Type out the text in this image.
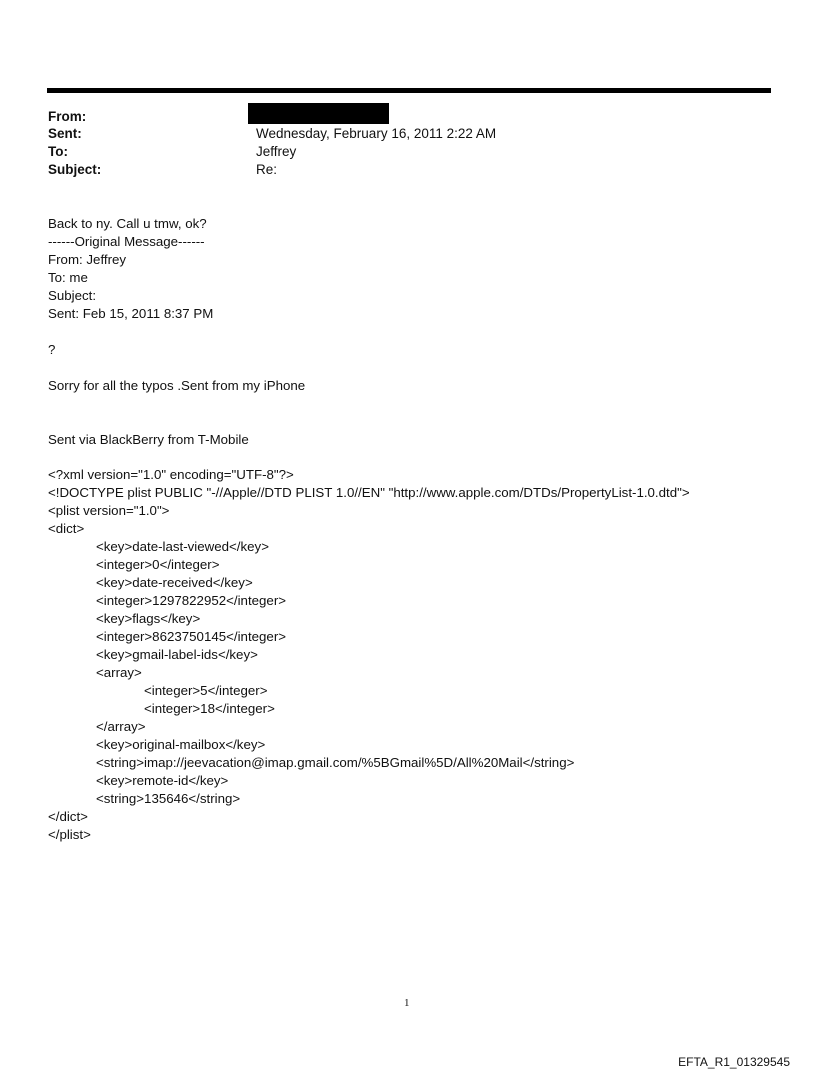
From:
Sent:	Wednesday, February 16, 2011 2:22 AM
To:	Jeffrey
Subject:	Re:
Back to ny. Call u tmw, ok?
------Original Message------
From: Jeffrey
To: me
Subject:
Sent: Feb 15, 2011 8:37 PM
?
Sorry for all the typos .Sent from my iPhone
Sent via BlackBerry from T-Mobile
<?xml version="1.0" encoding="UTF-8"?>
<!DOCTYPE plist PUBLIC "-//Apple//DTD PLIST 1.0//EN" "http://www.apple.com/DTDs/PropertyList-1.0.dtd">
<plist version="1.0">
<dict>
<key>date-last-viewed</key>
<integer>0</integer>
<key>date-received</key>
<integer>1297822952</integer>
<key>flags</key>
<integer>8623750145</integer>
<key>gmail-label-ids</key>
<array>
<integer>5</integer>
<integer>18</integer>
</array>
<key>original-mailbox</key>
<string>imap://jeevacation@imap.gmail.com/%5BGmail%5D/All%20Mail</string>
<key>remote-id</key>
<string>135646</string>
</dict>
</plist>
1
EFTA_R1_01329545
